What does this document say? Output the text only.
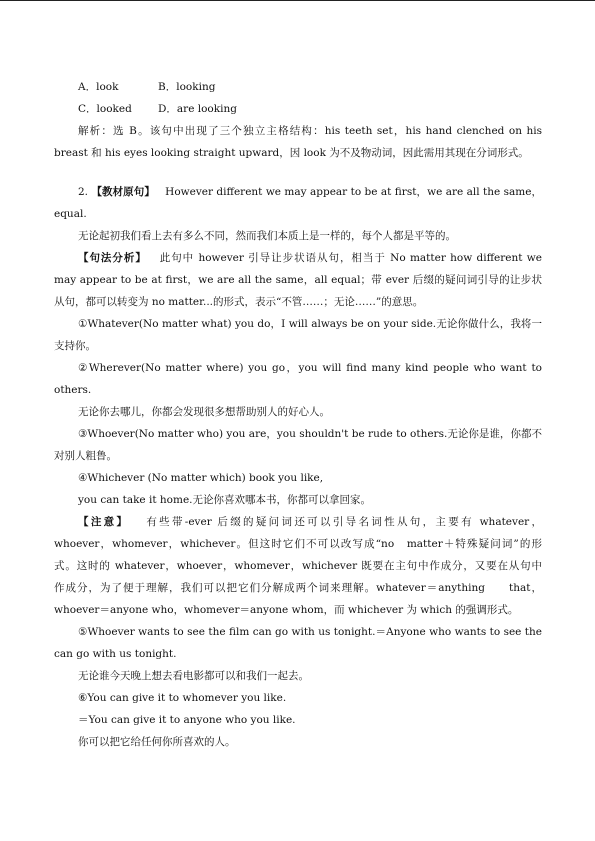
A．look	B．looking
C．looked D．are looking
解析：选 B。该句中出现了三个独立主格结构：his teeth set，his hand clenched on his
breast 和 his eyes looking straight upward，因 look 为不及物动词，因此需用其现在分词形式。
2. 【教材原句】 However different we may appear to be at first，we are all the same，
equal.
无论起初我们看上去有多么不同，然而我们本质上是一样的，每个人都是平等的。
【句法分析】 此句中 however 引导让步状语从句，相当于 No matter how different we
may appear to be at first，we are all the same，all equal；带 ever 后缀的疑问词引导的让步状
从句，都可以转变为 no matter...的形式，表示“不管……；无论……”的意思。
①Whatever(No matter what) you do，I will always be on your side.无论你做什么，我将一
支持你。
②Wherever(No matter where) you go，you will find many kind people who want to
others.
无论你去哪儿，你都会发现很多想帮助别人的好心人。
③Whoever(No matter who) you are，you shouldn't be rude to others.无论你是谁，你都不
对别人粗鲁。
④Whichever (No matter which) book you like,
you can take it home.无论你喜欢哪本书，你都可以拿回家。
【注意】 有些带-ever 后缀的疑问词还可以引导名词性从句，主要有 whatever，
whoever，whomever，whichever。但这时它们不可以改写成“no　matter＋特殊疑问词”的形
式。这时的 whatever，whoever，whomever，whichever 既要在主句中作成分，又要在从句中
作成分，为了便于理解，我们可以把它们分解成两个词来理解。whatever＝anything　　that，
whoever＝anyone who，whomever＝anyone whom，而 whichever 为 which 的强调形式。
⑤Whoever wants to see the film can go with us tonight.＝Anyone who wants to see the
can go with us tonight.
无论谁今天晚上想去看电影都可以和我们一起去。
⑥You can give it to whomever you like.
＝You can give it to anyone who you like.
你可以把它给任何你所喜欢的人。
